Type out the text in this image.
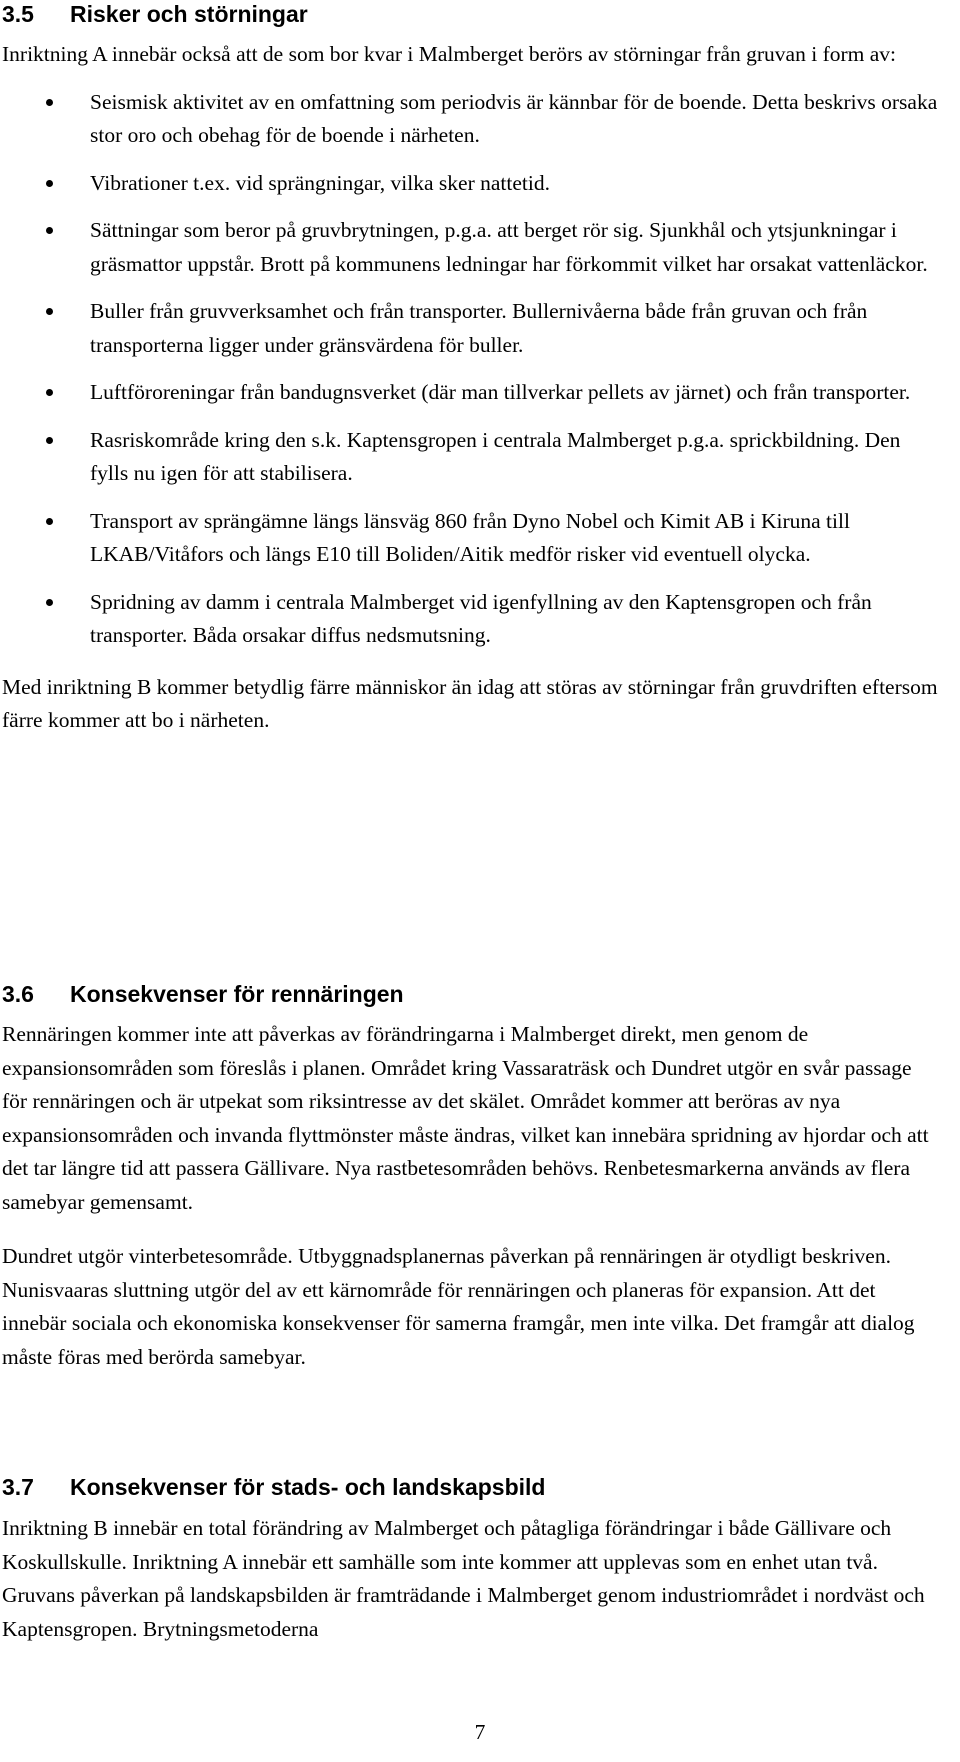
3.5	Risker och störningar

Inriktning A innebär också att de som bor kvar i Malmberget berörs av störningar från gruvan i form av:

Seismisk aktivitet av en omfattning som periodvis är kännbar för de boende. Detta beskrivs orsaka stor oro och obehag för de boende i närheten.
Vibrationer t.ex. vid sprängningar, vilka sker nattetid.
Sättningar som beror på gruvbrytningen, p.g.a. att berget rör sig. Sjunkhål och ytsjunkningar i gräsmattor uppstår. Brott på kommunens ledningar har förkommit vilket har orsakat vattenläckor.
Buller från gruvverksamhet och från transporter. Bullernivåerna både från gruvan och från transporterna ligger under gränsvärdena för buller.
Luftföroreningar från bandugnsverket (där man tillverkar pellets av järnet) och från transporter.
Rasriskområde kring den s.k. Kaptensgropen i centrala Malmberget p.g.a. sprickbildning. Den fylls nu igen för att stabilisera.
Transport av sprängämne längs länsväg 860 från Dyno Nobel och Kimit AB i Kiruna till LKAB/Vitåfors och längs E10 till Boliden/Aitik medför risker vid eventuell olycka.
Spridning av damm i centrala Malmberget vid igenfyllning av den Kaptensgropen och från transporter. Båda orsakar diffus nedsmutsning.

Med inriktning B kommer betydlig färre människor än idag att störas av störningar från gruvdriften eftersom färre kommer att bo i närheten.

3.6	Konsekvenser för rennäringen

Rennäringen kommer inte att påverkas av förändringarna i Malmberget direkt, men genom de expansionsområden som föreslås i planen. Området kring Vassaraträsk och Dundret utgör en svår passage för rennäringen och är utpekat som riksintresse av det skälet. Området kommer att beröras av nya expansionsområden och invanda flyttmönster måste ändras, vilket kan innebära spridning av hjordar och att det tar längre tid att passera Gällivare. Nya rastbetesområden behövs. Renbetesmarkerna används av flera samebyar gemensamt.

Dundret utgör vinterbetesområde. Utbyggnadsplanernas påverkan på rennäringen är otydligt beskriven. Nunisvaaras sluttning utgör del av ett kärnområde för rennäringen och planeras för expansion. Att det innebär sociala och ekonomiska konsekvenser för samerna framgår, men inte vilka. Det framgår att dialog måste föras med berörda samebyar.

3.7	Konsekvenser för stads- och landskapsbild

Inriktning B innebär en total förändring av Malmberget och påtagliga förändringar i både Gällivare och Koskullskulle. Inriktning A innebär ett samhälle som inte kommer att upplevas som en enhet utan två. Gruvans påverkan på landskapsbilden är framträdande i Malmberget genom industriområdet i nordväst och Kaptensgropen. Brytningsmetoderna

7
